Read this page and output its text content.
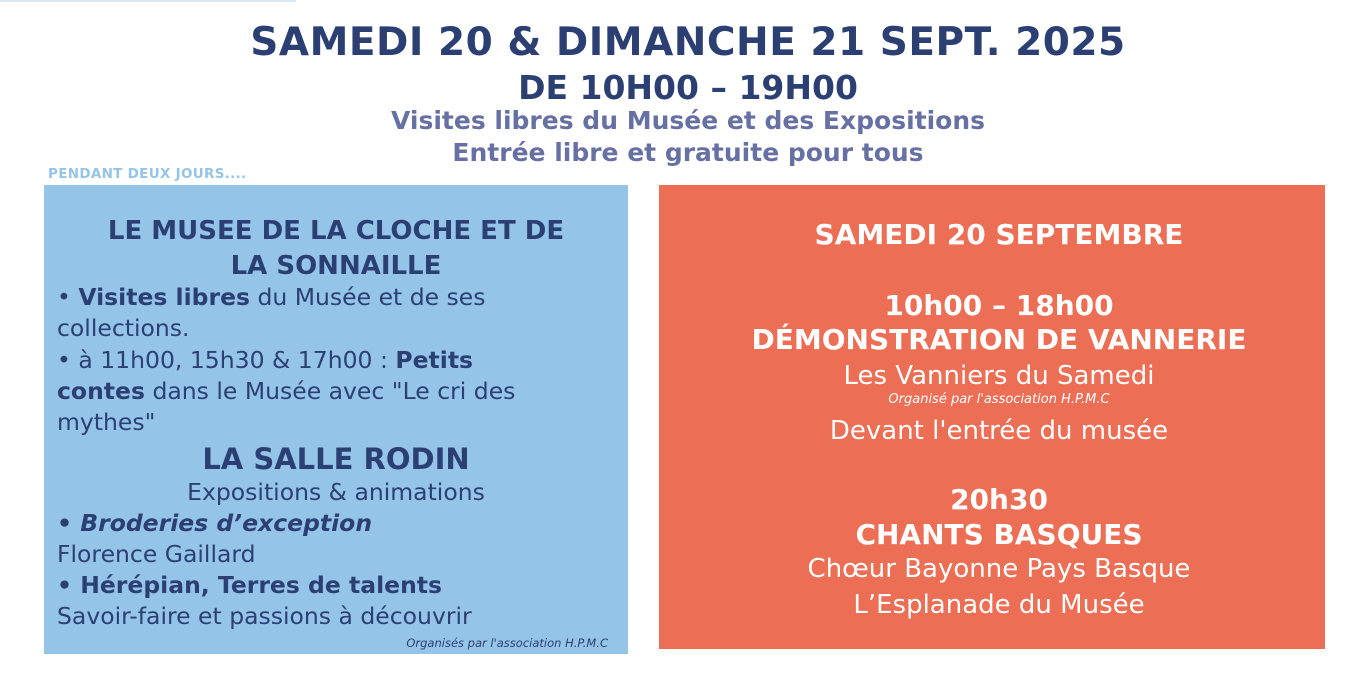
SAMEDI 20 & DIMANCHE 21 SEPT. 2025
DE 10H00 – 19H00
Visites libres du Musée et des Expositions
Entrée libre et gratuite pour tous
PENDANT DEUX JOURS....
LE MUSEE DE LA CLOCHE ET DE
LA SONNAILLE
• Visites libres du Musée et de ses
collections.
• à 11h00, 15h30 & 17h00 : Petits
contes dans le Musée avec "Le cri des
mythes"
LA SALLE RODIN
Expositions & animations
• Broderies d’exception
Florence Gaillard
• Hérépian, Terres de talents
Savoir-faire et passions à découvrir
Organisés par l'association H.P.M.C
SAMEDI 20 SEPTEMBRE
10h00 – 18h00
DÉMONSTRATION DE VANNERIE
Les Vanniers du Samedi
Organisé par l'association H.P.M.C
Devant l'entrée du musée
20h30
CHANTS BASQUES
Chœur Bayonne Pays Basque
L’Esplanade du Musée
